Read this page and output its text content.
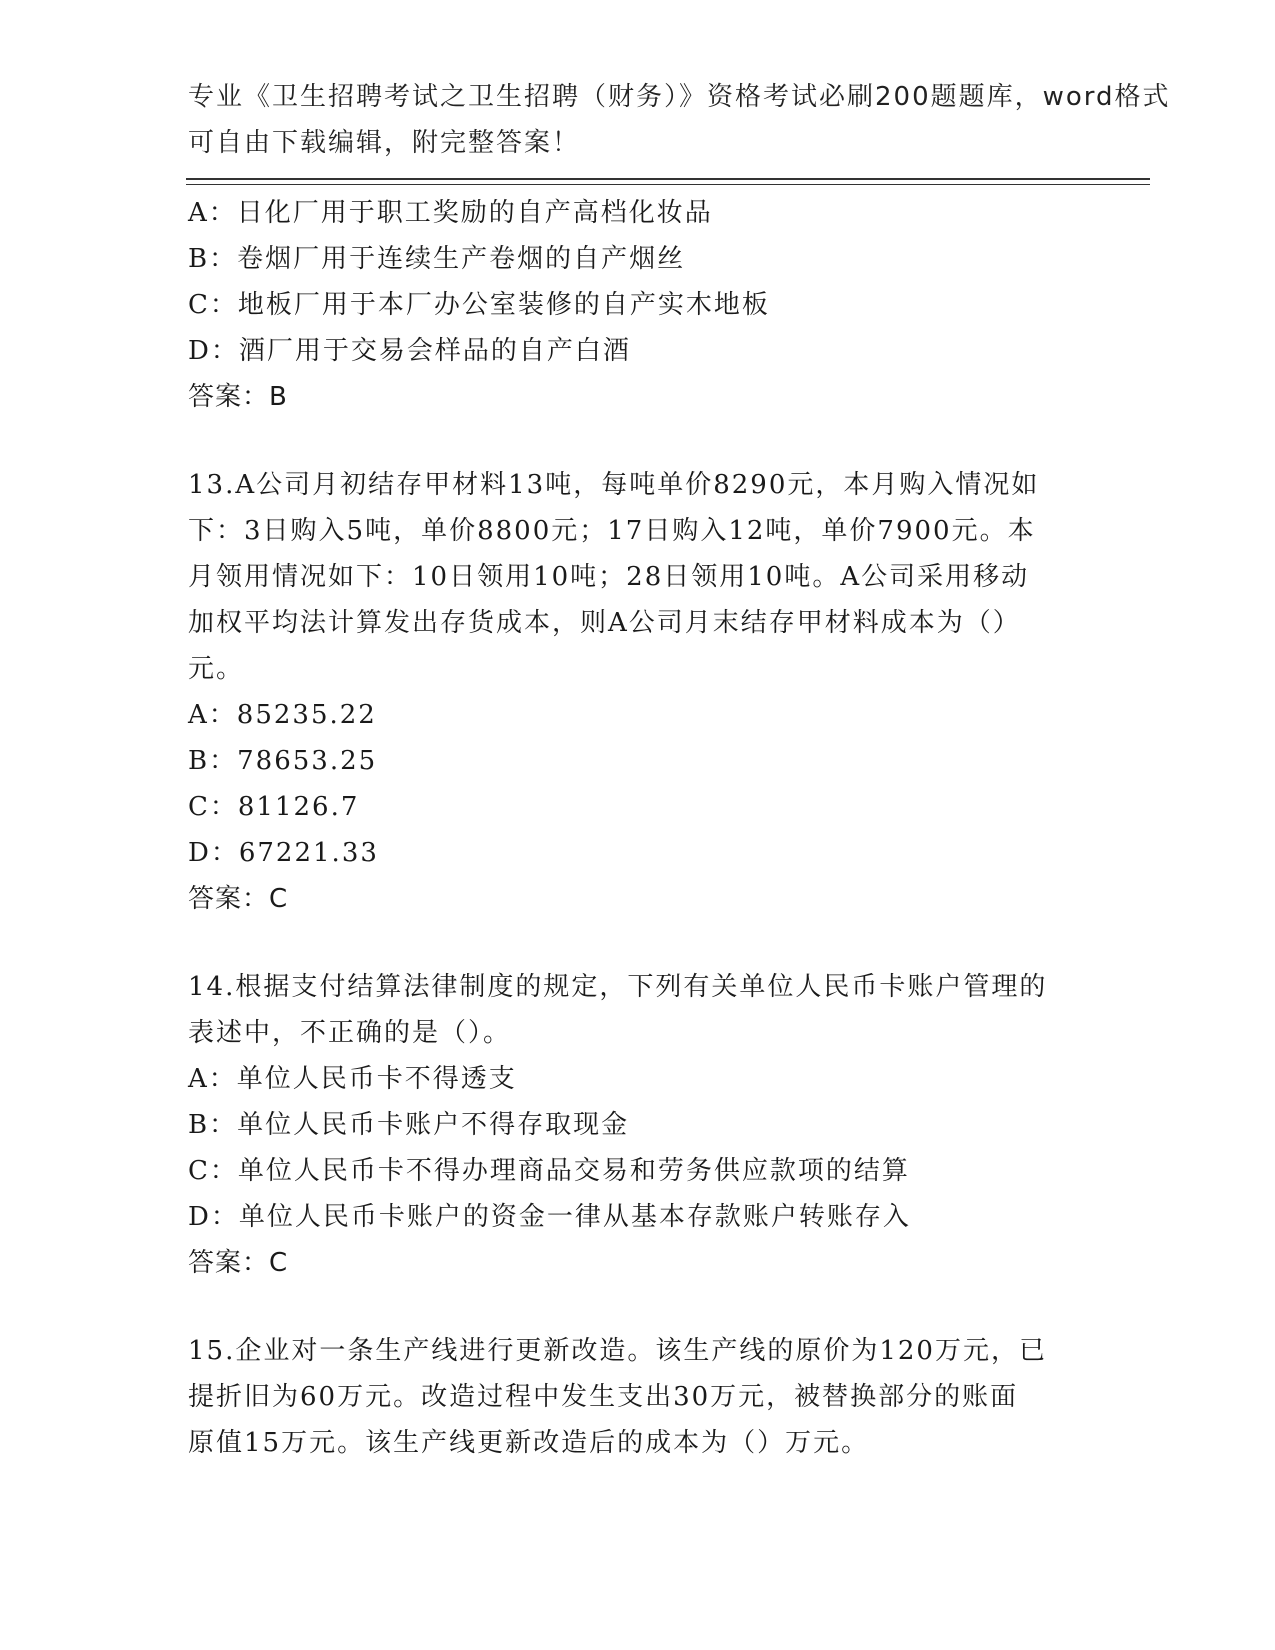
专业《卫生招聘考试之卫生招聘（财务）》资格考试必刷200题题库，word格式
可自由下载编辑，附完整答案！
A：日化厂用于职工奖励的自产高档化妆品
B：卷烟厂用于连续生产卷烟的自产烟丝
C：地板厂用于本厂办公室装修的自产实木地板
D：酒厂用于交易会样品的自产白酒
答案：B
13.A公司月初结存甲材料13吨，每吨单价8290元，本月购入情况如
下：3日购入5吨，单价8800元；17日购入12吨，单价7900元。本
月领用情况如下：10日领用10吨；28日领用10吨。A公司采用移动
加权平均法计算发出存货成本，则A公司月末结存甲材料成本为（）
元。
A：85235.22
B：78653.25
C：81126.7
D：67221.33
答案：C
14.根据支付结算法律制度的规定，下列有关单位人民币卡账户管理的
表述中，不正确的是（）。
A：单位人民币卡不得透支
B：单位人民币卡账户不得存取现金
C：单位人民币卡不得办理商品交易和劳务供应款项的结算
D：单位人民币卡账户的资金一律从基本存款账户转账存入
答案：C
15.企业对一条生产线进行更新改造。该生产线的原价为120万元，已
提折旧为60万元。改造过程中发生支出30万元，被替换部分的账面
原值15万元。该生产线更新改造后的成本为（）万元。
